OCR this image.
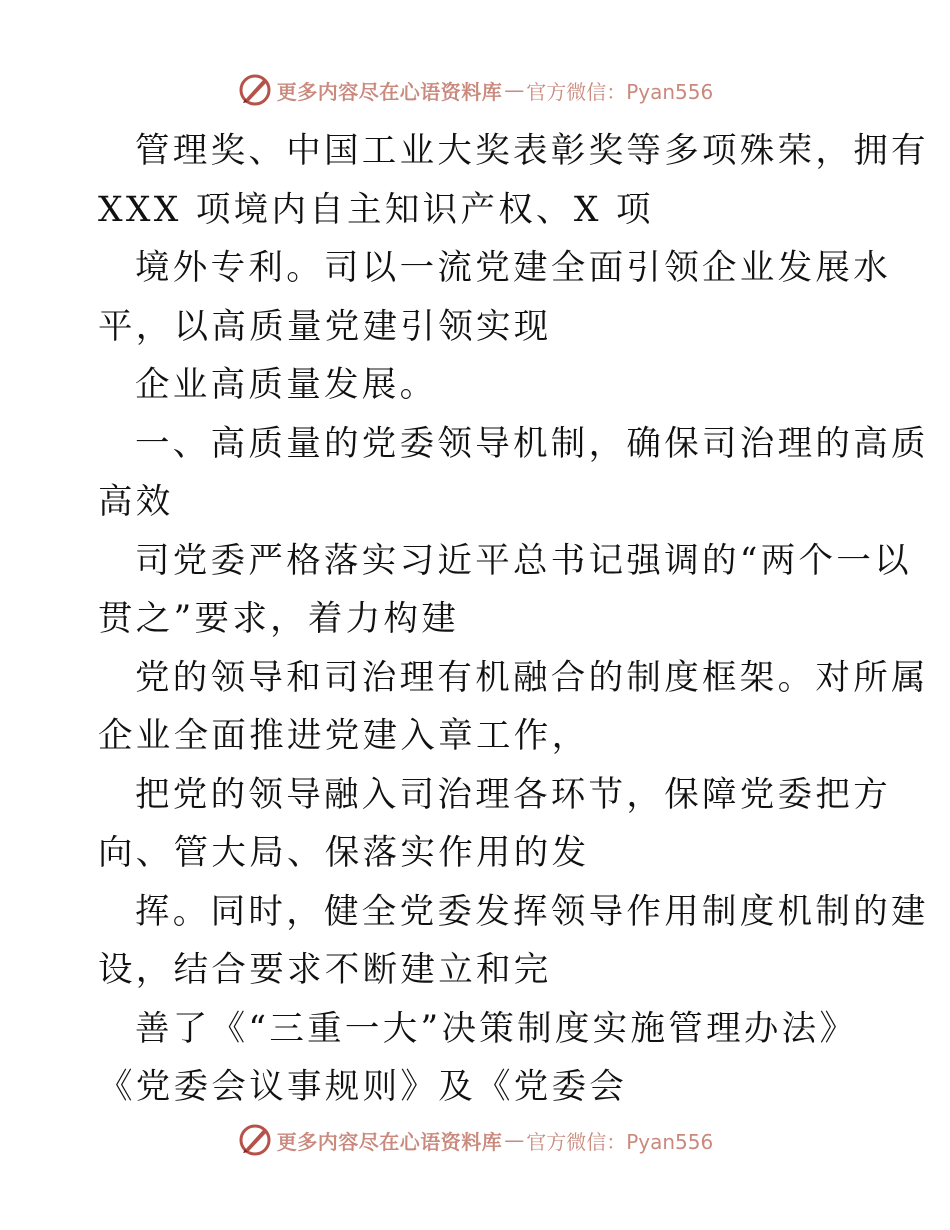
更多内容尽在心语资料库 — 官方微信：Pyan556
管理奖、中国工业大奖表彰奖等多项殊荣，拥有
XXX 项境内自主知识产权、X 项
境外专利。司以一流党建全面引领企业发展水
平，以高质量党建引领实现
企业高质量发展。
一、高质量的党委领导机制，确保司治理的高质
高效
司党委严格落实习近平总书记强调的“两个一以
贯之”要求，着力构建
党的领导和司治理有机融合的制度框架。对所属
企业全面推进党建入章工作，
把党的领导融入司治理各环节，保障党委把方
向、管大局、保落实作用的发
挥。同时，健全党委发挥领导作用制度机制的建
设，结合要求不断建立和完
善了《“三重一大”决策制度实施管理办法》
《党委会议事规则》及《党委会
更多内容尽在心语资料库 — 官方微信：Pyan556
